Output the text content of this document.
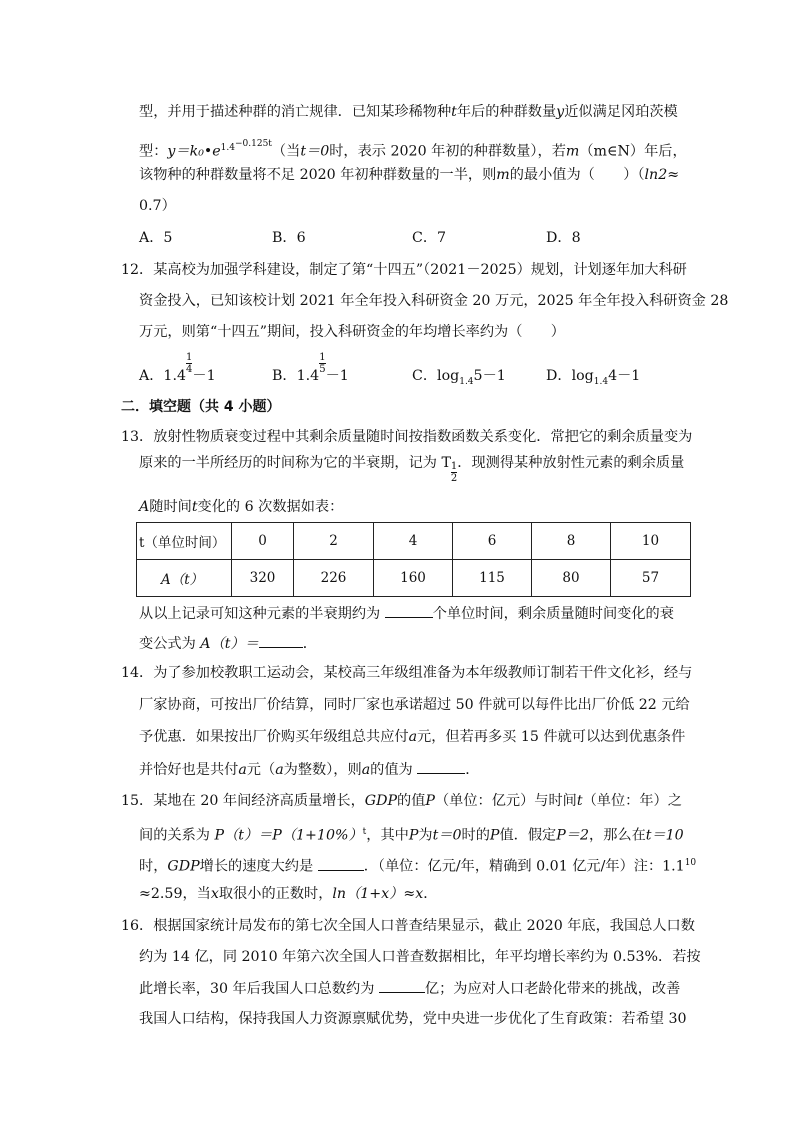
型，并用于描述种群的消亡规律．已知某珍稀物种t年后的种群数量y近似满足冈珀茨模
型：$y=k_0•e^{1.4^{-0.125t}}$（当t＝0时，表示 2020 年初的种群数量），若m（m∈N）年后，
该物种的种群数量将不足 2020 年初种群数量的一半，则m的最小值为（　　）（ln2≈
0.7）
A．5	B．6	C．7	D．8
12．某高校为加强学科建设，制定了第“十四五”（2021－2025）规划，计划逐年加大科研
资金投入，已知该校计划 2021 年全年投入科研资金 20 万元，2025 年全年投入科研资金 28
万元，则第“十四五”期间，投入科研资金的年均增长率约为（　　）
A．1.4
$\frac{1}{4}$
－1	B．1.4
$\frac{1}{5}$
－1	C．$\log_{1.4}5-1$	D．$\log_{1.4}4-1$
二．填空题（共 4 小题）
13．放射性物质衰变过程中其剩余质量随时间按指数函数关系变化．常把它的剩余质量变为
原来的一半所经历的时间称为它的半衰期，记为 T $\frac{1}{2}$ ．现测得某种放射性元素的剩余质量
A随时间t变化的 6 次数据如表：
t（单位时间）	0	2	4	6	8	10
A（t）	320	226	160	115	80	57
从以上记录可知这种元素的半衰期约为	个单位时间，剩余质量随时间变化的衰
变公式为 A（t）＝	．
14．为了参加校教职工运动会，某校高三年级组准备为本年级教师订制若干件文化衫，经与
厂家协商，可按出厂价结算，同时厂家也承诺超过 50 件就可以每件比出厂价低 22 元给
予优惠．如果按出厂价购买年级组总共应付a元，但若再多买 15 件就可以达到优惠条件
并恰好也是共付a元（a为整数），则a的值为	．
15．某地在 20 年间经济高质量增长，GDP的值P（单位：亿元）与时间t（单位：年）之
间的关系为 $P(t)=P(1+10\%)^t$，其中P为t＝0时的P值．假定P＝2，那么在t＝10
时，GDP增长的速度大约是	．（单位：亿元/年，精确到 0.01 亿元/年）注：$1.1^{10}$
≈2.59，当x取很小的正数时，ln（1+x）≈x．
16．根据国家统计局发布的第七次全国人口普查结果显示，截止 2020 年底，我国总人口数
约为 14 亿，同 2010 年第六次全国人口普查数据相比，年平均增长率约为 0.53%．若按
此增长率，30 年后我国人口总数约为	亿；为应对人口老龄化带来的挑战，改善
我国人口结构，保持我国人力资源禀赋优势，党中央进一步优化了生育政策：若希望 30
